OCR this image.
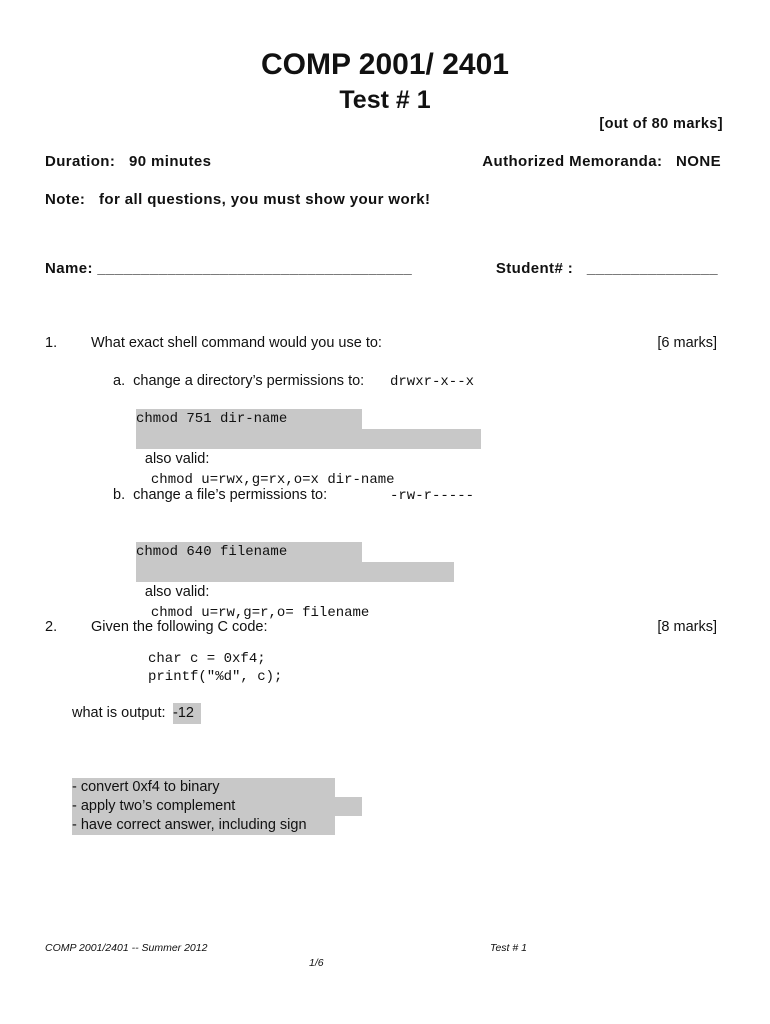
COMP 2001/ 2401
Test # 1
[out of 80 marks]
Duration:   90 minutes	Authorized Memoranda:   NONE
Note:   for all questions, you must show your work!
Name: ____________________________________	Student# :   _______________
1. What exact shell command would you use to:	[6 marks]
a.  change a directory’s permissions to: drwxr-x--x
chmod 751 dir-name

also valid:
chmod u=rwx,g=rx,o=x dir-name

b.  change a file’s permissions to:	-rw-r-----
chmod 640 filename

also valid:
chmod u=rw,g=r,o= filename

2. Given the following C code:	[8 marks]
char c = 0xf4;
printf("%d", c);
what is output: -12
- convert 0xf4 to binary
- apply two’s complement
- have correct answer, including sign
COMP 2001/2401 -- Summer 2012	Test # 1
1/6
